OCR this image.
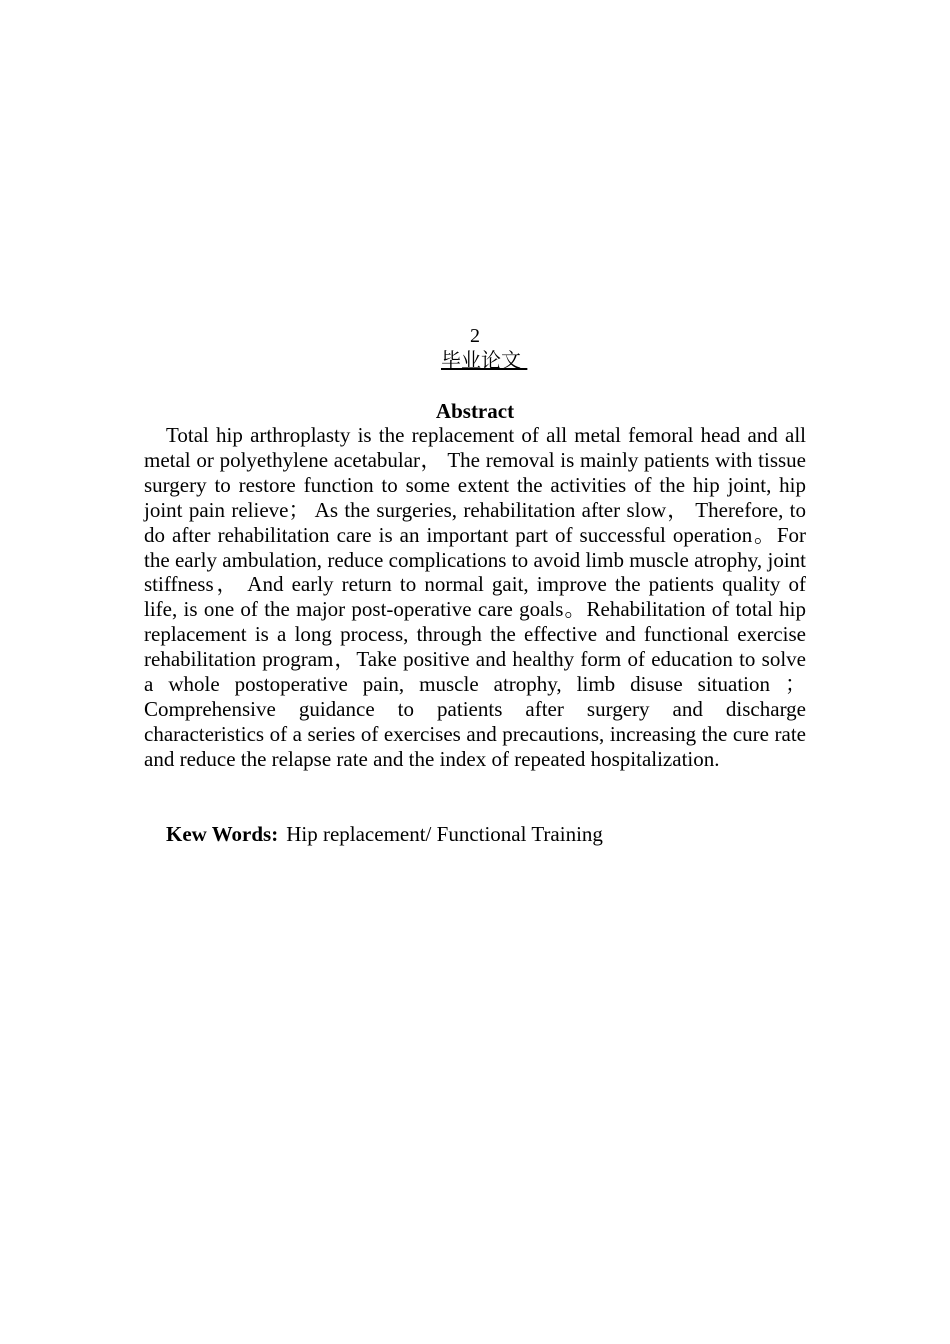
2
毕业论文
Abstract

Total hip arthroplasty is the replacement of all metal femoral head and all metal or polyethylene acetabular， The removal is mainly patients with tissue surgery to restore function to some extent the activities of the hip joint, hip joint pain relieve； As the surgeries, rehabilitation after slow， Therefore, to do after rehabilitation care is an important part of successful operation。For the early ambulation, reduce complications to avoid limb muscle atrophy, joint stiffness， And early return to normal gait, improve the patients quality of life, is one of the major post-operative care goals。Rehabilitation of total hip replacement is a long process, through the effective and functional exercise rehabilitation program，Take positive and healthy form of education to solve a whole postoperative pain, muscle atrophy, limb disuse situation ； Comprehensive guidance to patients after surgery and discharge characteristics of a series of exercises and precautions, increasing the cure rate and reduce the relapse rate and the index of repeated hospitalization.

Kew Words: Hip replacement/ Functional Training
